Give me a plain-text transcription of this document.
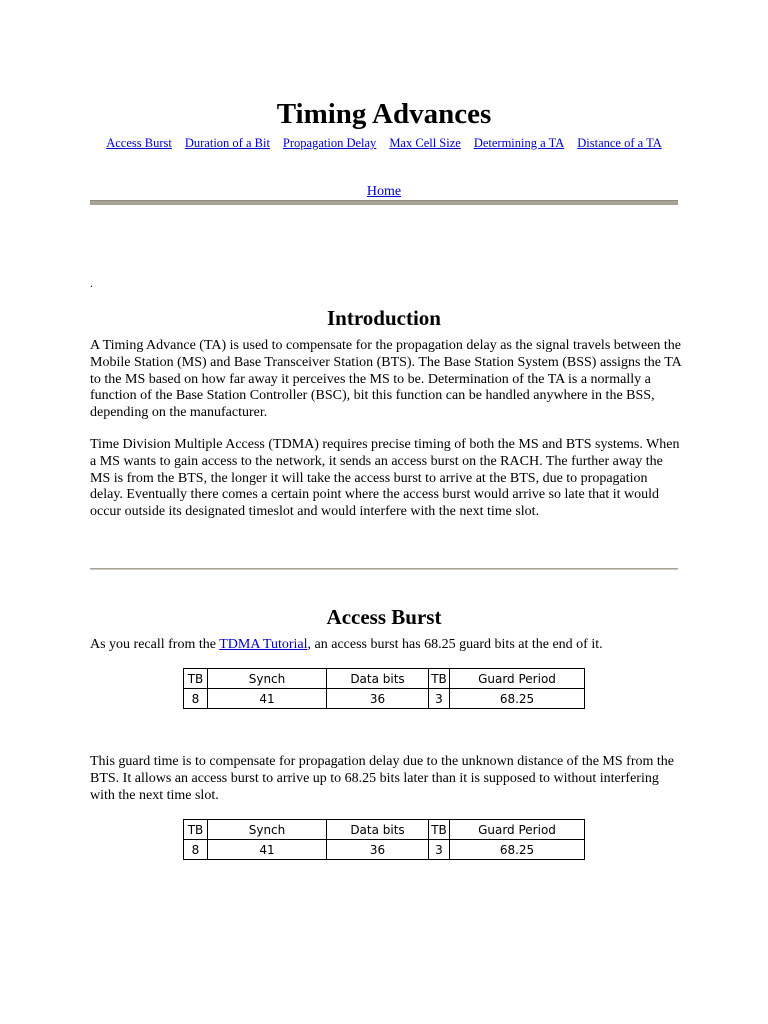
Timing Advances
Access Burst Duration of a Bit Propagation Delay Max Cell Size Determining a TA Distance of a TA
Home
.
Introduction

A Timing Advance (TA) is used to compensate for the propagation delay as the signal travels between the Mobile Station (MS) and Base Transceiver Station (BTS). The Base Station System (BSS) assigns the TA to the MS based on how far away it perceives the MS to be. Determination of the TA is a normally a function of the Base Station Controller (BSC), bit this function can be handled anywhere in the BSS, depending on the manufacturer.

Time Division Multiple Access (TDMA) requires precise timing of both the MS and BTS systems. When a MS wants to gain access to the network, it sends an access burst on the RACH. The further away the MS is from the BTS, the longer it will take the access burst to arrive at the BTS, due to propagation delay. Eventually there comes a certain point where the access burst would arrive so late that it would occur outside its designated timeslot and would interfere with the next time slot.

Access Burst

As you recall from the TDMA Tutorial, an access burst has 68.25 guard bits at the end of it.

TB	Synch	Data bits	TB	Guard Period
8	41	36	3	68.25

This guard time is to compensate for propagation delay due to the unknown distance of the MS from the BTS. It allows an access burst to arrive up to 68.25 bits later than it is supposed to without interfering with the next time slot.

TB	Synch	Data bits	TB	Guard Period
8	41	36	3	68.25
